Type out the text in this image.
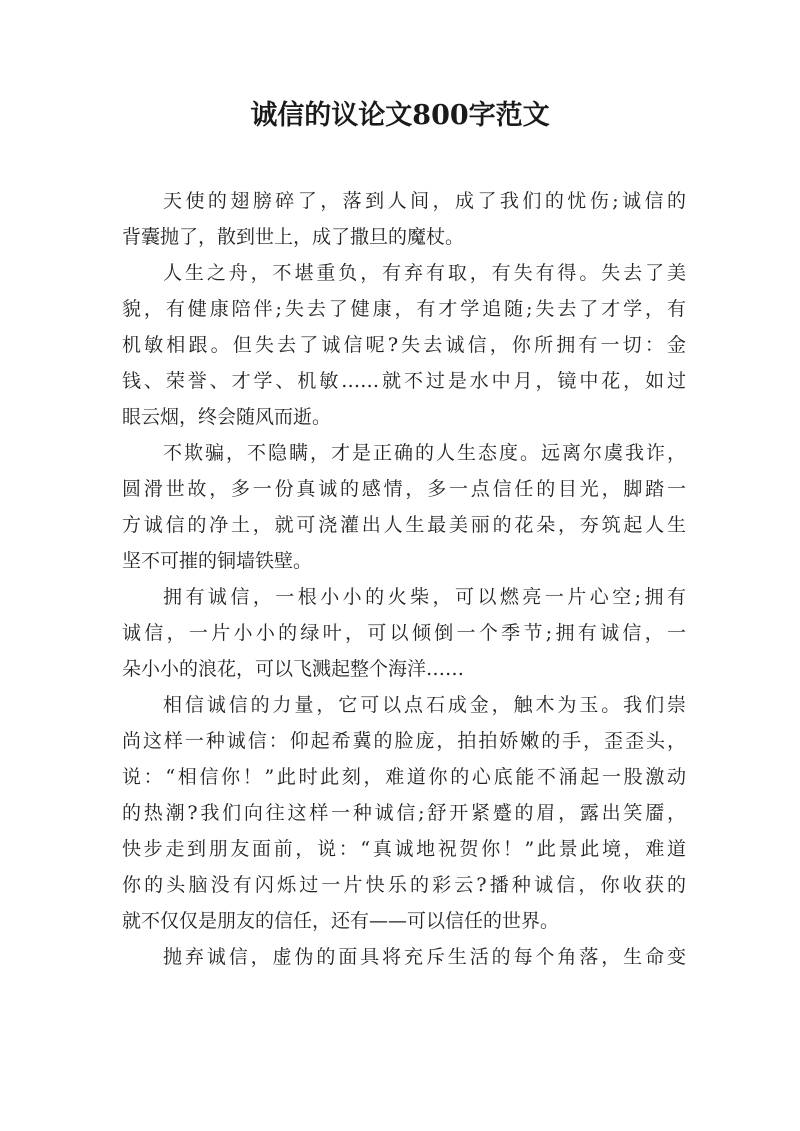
诚信的议论文800字范文

天使的翅膀碎了，落到人间，成了我们的忧伤;诚信的
背囊抛了，散到世上，成了撒旦的魔杖。

人生之舟，不堪重负，有弃有取，有失有得。失去了美
貌，有健康陪伴;失去了健康，有才学追随;失去了才学，有
机敏相跟。但失去了诚信呢?失去诚信，你所拥有一切：金
钱、荣誉、才学、机敏……就不过是水中月，镜中花，如过
眼云烟，终会随风而逝。

不欺骗，不隐瞒，才是正确的人生态度。远离尔虞我诈，
圆滑世故，多一份真诚的感情，多一点信任的目光，脚踏一
方诚信的净土，就可浇灌出人生最美丽的花朵，夯筑起人生
坚不可摧的铜墙铁壁。

拥有诚信，一根小小的火柴，可以燃亮一片心空;拥有
诚信，一片小小的绿叶，可以倾倒一个季节;拥有诚信，一
朵小小的浪花，可以飞溅起整个海洋……

相信诚信的力量，它可以点石成金，触木为玉。我们崇
尚这样一种诚信：仰起希冀的脸庞，拍拍娇嫩的手，歪歪头，
说：“相信你！”此时此刻，难道你的心底能不涌起一股激动
的热潮?我们向往这样一种诚信;舒开紧蹙的眉，露出笑靥，
快步走到朋友面前，说：“真诚地祝贺你！”此景此境，难道
你的头脑没有闪烁过一片快乐的彩云?播种诚信，你收获的
就不仅仅是朋友的信任，还有——可以信任的世界。

抛弃诚信，虚伪的面具将充斥生活的每个角落，生命变
